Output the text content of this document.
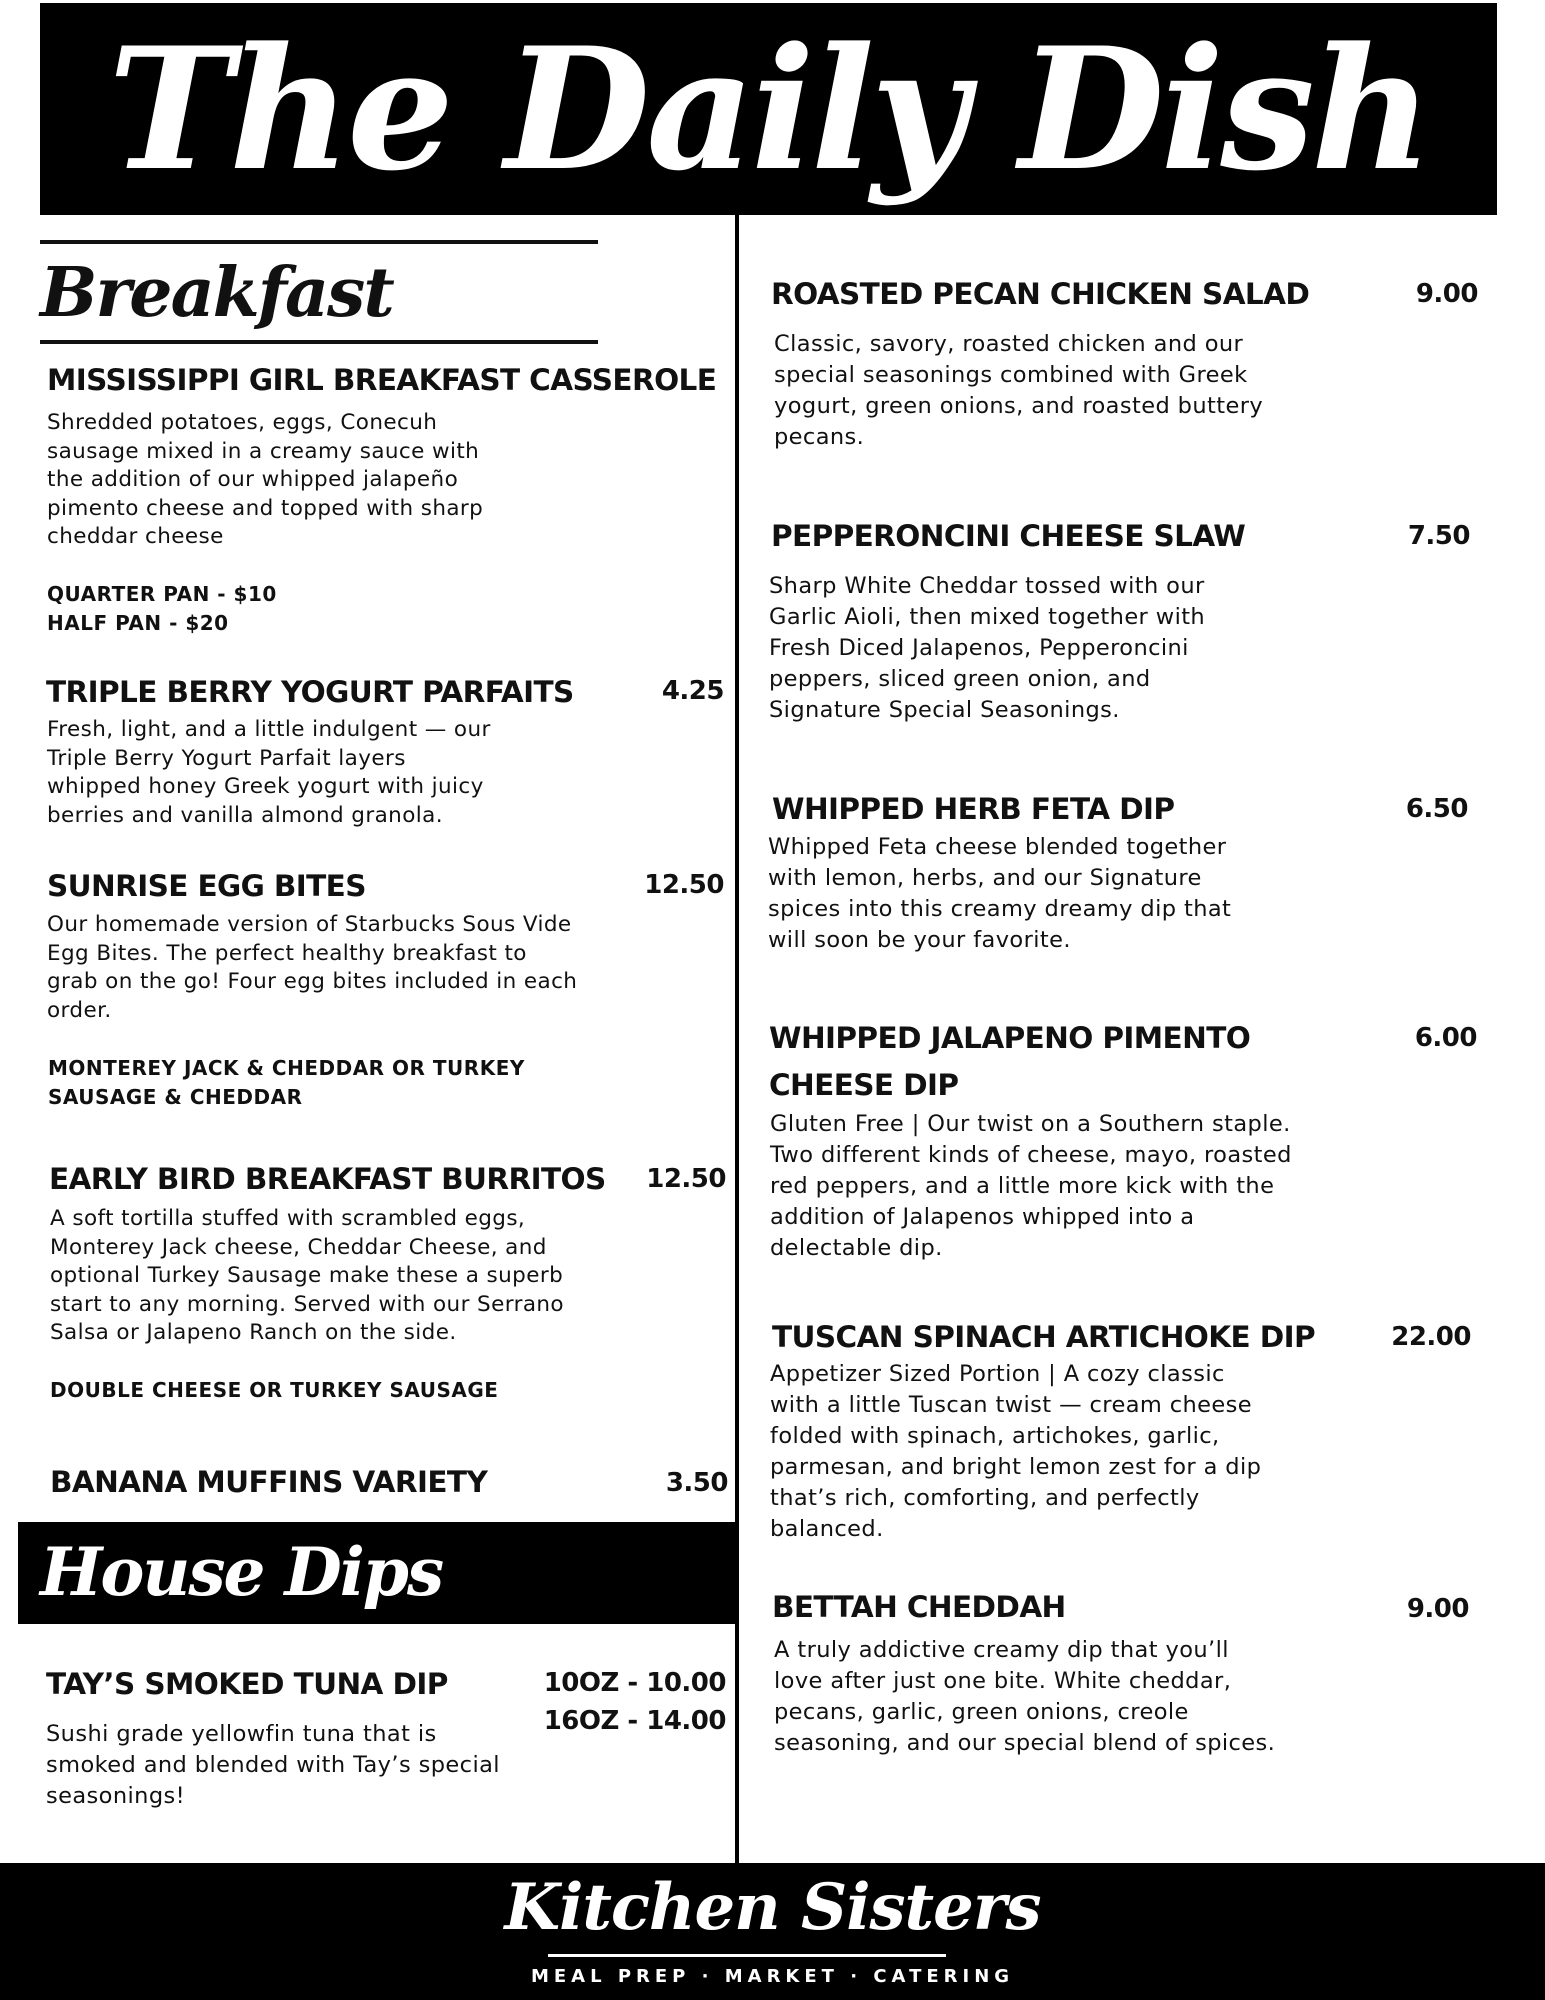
The Daily Dish
Breakfast
MISSISSIPPI GIRL BREAKFAST CASSEROLE
Shredded potatoes, eggs, Conecuh
sausage mixed in a creamy sauce with
the addition of our whipped jalapeño
pimento cheese and topped with sharp
cheddar cheese
QUARTER PAN - $10
HALF PAN - $20
TRIPLE BERRY YOGURT PARFAITS	4.25
Fresh, light, and a little indulgent — our
Triple Berry Yogurt Parfait layers
whipped honey Greek yogurt with juicy
berries and vanilla almond granola.
SUNRISE EGG BITES	12.50
Our homemade version of Starbucks Sous Vide
Egg Bites. The perfect healthy breakfast to
grab on the go! Four egg bites included in each
order.
MONTEREY JACK & CHEDDAR OR TURKEY
SAUSAGE & CHEDDAR
EARLY BIRD BREAKFAST BURRITOS	12.50
A soft tortilla stuffed with scrambled eggs,
Monterey Jack cheese, Cheddar Cheese, and
optional Turkey Sausage make these a superb
start to any morning. Served with our Serrano
Salsa or Jalapeno Ranch on the side.
DOUBLE CHEESE OR TURKEY SAUSAGE
BANANA MUFFINS VARIETY	3.50
House Dips
TAY’S SMOKED TUNA DIP	10OZ - 10.00
16OZ - 14.00
Sushi grade yellowfin tuna that is
smoked and blended with Tay’s special
seasonings!
ROASTED PECAN CHICKEN SALAD	9.00
Classic, savory, roasted chicken and our
special seasonings combined with Greek
yogurt, green onions, and roasted buttery
pecans.
PEPPERONCINI CHEESE SLAW	7.50
Sharp White Cheddar tossed with our
Garlic Aioli, then mixed together with
Fresh Diced Jalapenos, Pepperoncini
peppers, sliced green onion, and
Signature Special Seasonings.
WHIPPED HERB FETA DIP	6.50
Whipped Feta cheese blended together
with lemon, herbs, and our Signature
spices into this creamy dreamy dip that
will soon be your favorite.
WHIPPED JALAPENO PIMENTO
CHEESE DIP
6.00
Gluten Free | Our twist on a Southern staple.
Two different kinds of cheese, mayo, roasted
red peppers, and a little more kick with the
addition of Jalapenos whipped into a
delectable dip.
TUSCAN SPINACH ARTICHOKE DIP	22.00
Appetizer Sized Portion | A cozy classic
with a little Tuscan twist — cream cheese
folded with spinach, artichokes, garlic,
parmesan, and bright lemon zest for a dip
that’s rich, comforting, and perfectly
balanced.
BETTAH CHEDDAH	9.00
A truly addictive creamy dip that you’ll
love after just one bite. White cheddar,
pecans, garlic, green onions, creole
seasoning, and our special blend of spices.
Kitchen Sisters
MEAL PREP · MARKET · CATERING
